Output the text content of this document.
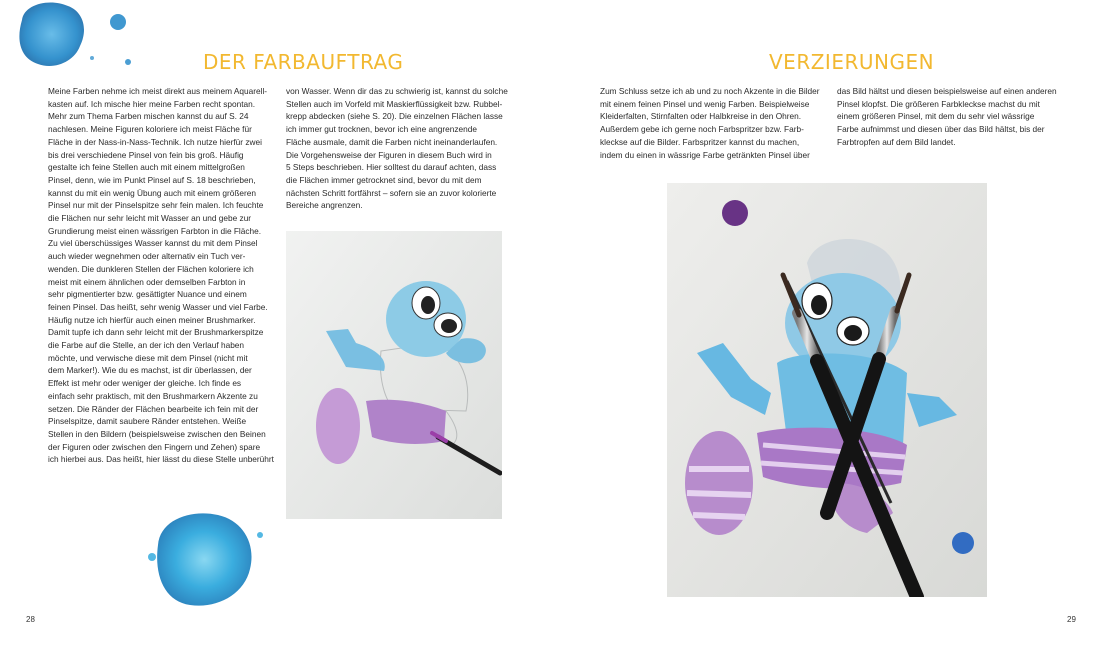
DER FARBAUFTRAG
Meine Farben nehme ich meist direkt aus meinem Aquarell-
kasten auf. Ich mische hier meine Farben recht spontan.
Mehr zum Thema Farben mischen kannst du auf S. 24
nachlesen. Meine Figuren koloriere ich meist Fläche für
Fläche in der Nass-in-Nass-Technik. Ich nutze hierfür zwei
bis drei verschiedene Pinsel von fein bis groß. Häufig
gestalte ich feine Stellen auch mit einem mittelgroßen
Pinsel, denn, wie im Punkt Pinsel auf S. 18 beschrieben,
kannst du mit ein wenig Übung auch mit einem größeren
Pinsel nur mit der Pinselspitze sehr fein malen. Ich feuchte
die Flächen nur sehr leicht mit Wasser an und gebe zur
Grundierung meist einen wässrigen Farbton in die Fläche.
Zu viel überschüssiges Wasser kannst du mit dem Pinsel
auch wieder wegnehmen oder alternativ ein Tuch ver-
wenden. Die dunkleren Stellen der Flächen koloriere ich
meist mit einem ähnlichen oder demselben Farbton in
sehr pigmentierter bzw. gesättigter Nuance und einem
feinen Pinsel. Das heißt, sehr wenig Wasser und viel Farbe.
Häufig nutze ich hierfür auch einen meiner Brushmarker.
Damit tupfe ich dann sehr leicht mit der Brushmarkerspitze
die Farbe auf die Stelle, an der ich den Verlauf haben
möchte, und verwische diese mit dem Pinsel (nicht mit
dem Marker!). Wie du es machst, ist dir überlassen, der
Effekt ist mehr oder weniger der gleiche. Ich finde es
einfach sehr praktisch, mit den Brushmarkern Akzente zu
setzen. Die Ränder der Flächen bearbeite ich fein mit der
Pinselspitze, damit saubere Ränder entstehen. Weiße
Stellen in den Bildern (beispielsweise zwischen den Beinen
der Figuren oder zwischen den Fingern und Zehen) spare
ich hierbei aus. Das heißt, hier lässt du diese Stelle unberührt
von Wasser. Wenn dir das zu schwierig ist, kannst du solche
Stellen auch im Vorfeld mit Maskierflüssigkeit bzw. Rubbel-
krepp abdecken (siehe S. 20). Die einzelnen Flächen lasse
ich immer gut trocknen, bevor ich eine angrenzende
Fläche ausmale, damit die Farben nicht ineinanderlaufen.
Die Vorgehensweise der Figuren in diesem Buch wird in
5 Steps beschrieben. Hier solltest du darauf achten, dass
die Flächen immer getrocknet sind, bevor du mit dem
nächsten Schritt fortfährst – sofern sie an zuvor kolorierte
Bereiche angrenzen.
28
VERZIERUNGEN
Zum Schluss setze ich ab und zu noch Akzente in die Bilder
mit einem feinen Pinsel und wenig Farben. Beispielweise
Kleiderfalten, Stirnfalten oder Halbkreise in den Ohren.
Außerdem gebe ich gerne noch Farbspritzer bzw. Farb-
kleckse auf die Bilder. Farbspritzer kannst du machen,
indem du einen in wässrige Farbe getränkten Pinsel über
das Bild hältst und diesen beispielsweise auf einen anderen
Pinsel klopfst. Die größeren Farbkleckse machst du mit
einem größeren Pinsel, mit dem du sehr viel wässrige
Farbe aufnimmst und diesen über das Bild hältst, bis der
Farbtropfen auf dem Bild landet.
29
